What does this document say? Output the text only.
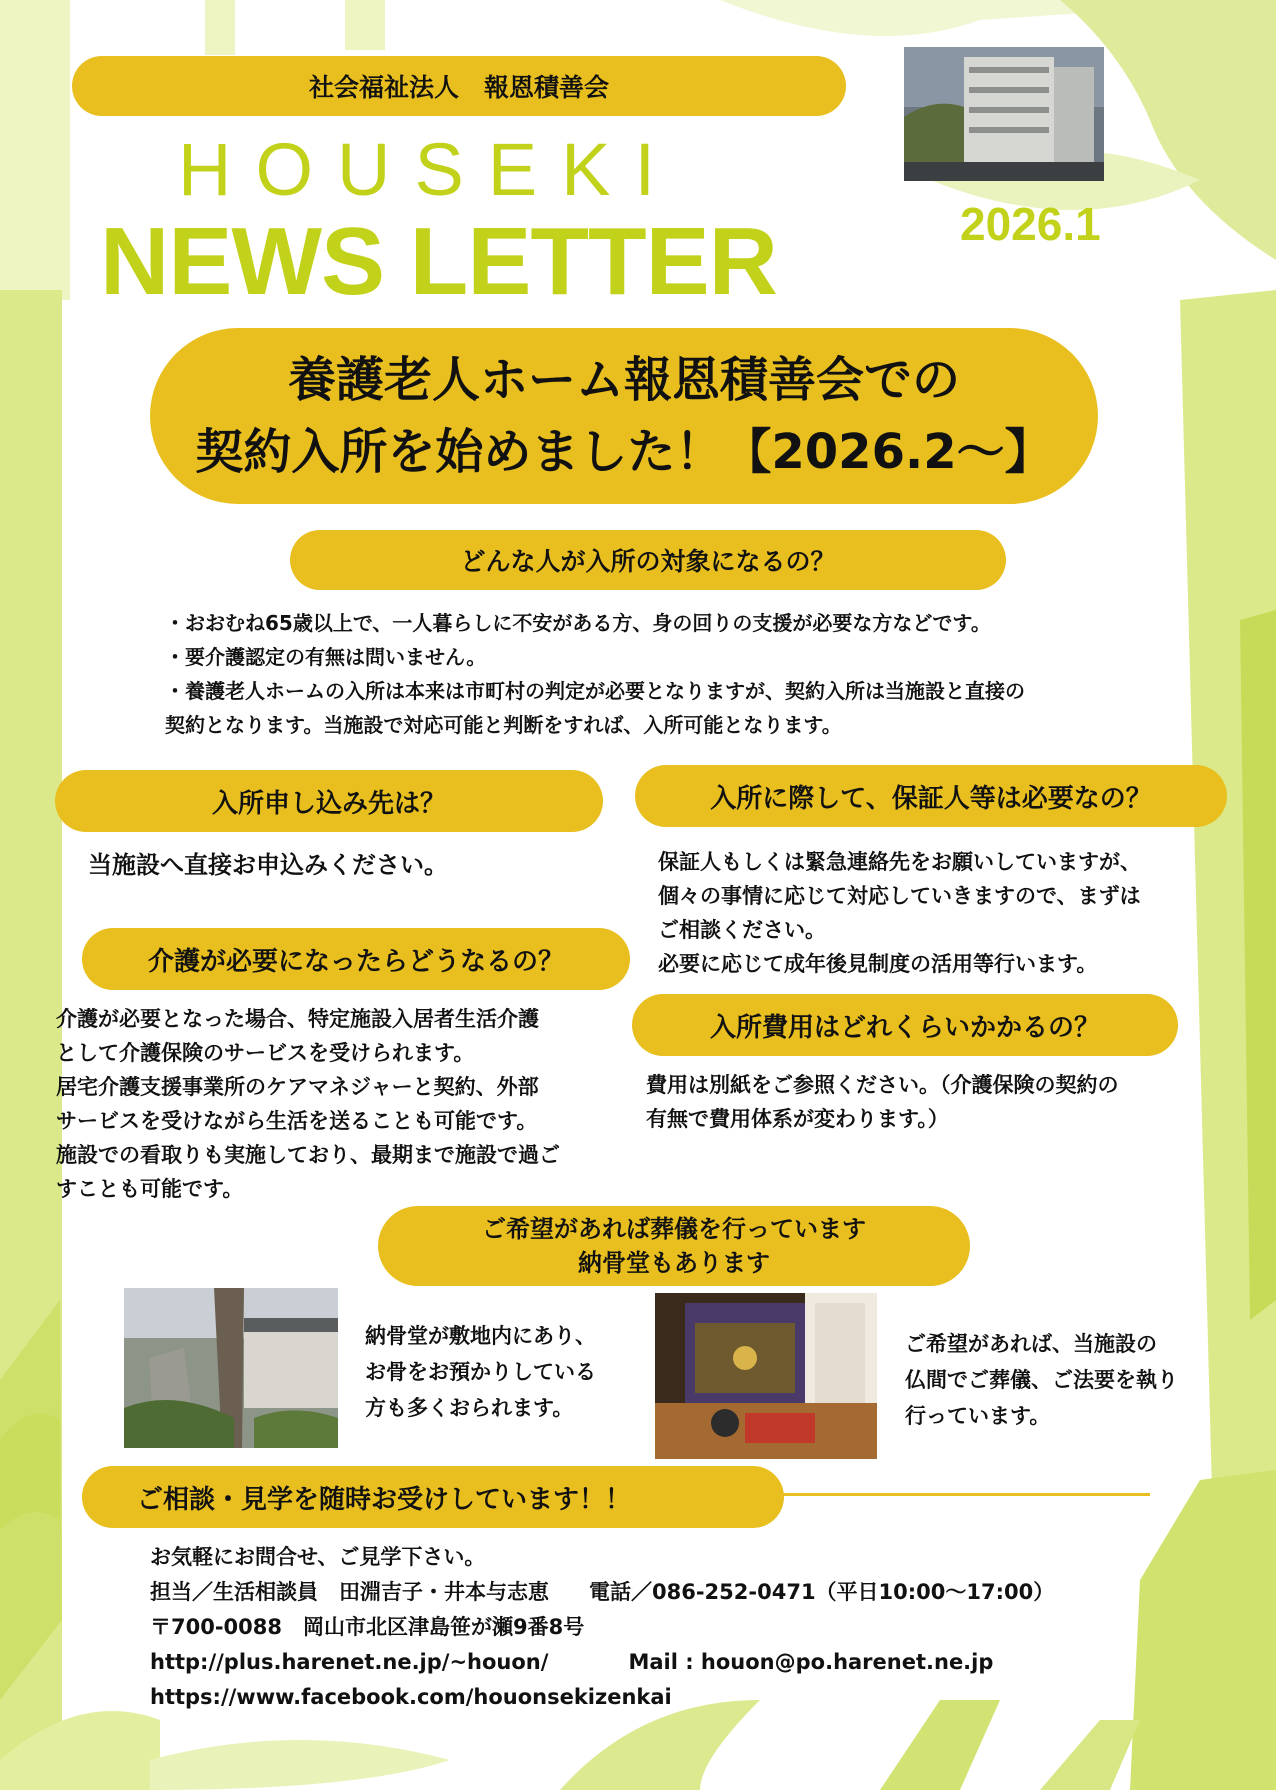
社会福祉法人　報恩積善会
HOUSEKI
NEWS LETTER	2026.1
養護老人ホーム報恩積善会での
契約入所を始めました！【2026.2～】
どんな人が入所の対象になるの？
・おおむね65歳以上で、一人暮らしに不安がある方、身の回りの支援が必要な方などです。
・要介護認定の有無は問いません。
・養護老人ホームの入所は本来は市町村の判定が必要となりますが、契約入所は当施設と直接の
契約となります。当施設で対応可能と判断をすれば、入所可能となります。
入所申し込み先は？
当施設へ直接お申込みください。
入所に際して、保証人等は必要なの？
保証人もしくは緊急連絡先をお願いしていますが、
個々の事情に応じて対応していきますので、まずは
ご相談ください。
必要に応じて成年後見制度の活用等行います。
介護が必要になったらどうなるの？
介護が必要となった場合、特定施設入居者生活介護
として介護保険のサービスを受けられます。
居宅介護支援事業所のケアマネジャーと契約、外部
サービスを受けながら生活を送ることも可能です。
施設での看取りも実施しており、最期まで施設で過ご
すことも可能です。
入所費用はどれくらいかかるの？
費用は別紙をご参照ください。（介護保険の契約の
有無で費用体系が変わります。）
ご希望があれば葬儀を行っています
納骨堂もあります
納骨堂が敷地内にあり、
お骨をお預かりしている
方も多くおられます。
ご希望があれば、当施設の
仏間でご葬儀、ご法要を執り
行っています。
ご相談・見学を随時お受けしています！！
お気軽にお問合せ、ご見学下さい。
担当／生活相談員　田淵吉子・井本与志恵 電話／086-252-0471（平日10:00～17:00）
〒700-0088　岡山市北区津島笹が瀬9番8号
http://plus.harenet.ne.jp/~houon/	Mail : houon@po.harenet.ne.jp
https://www.facebook.com/houonsekizenkai
